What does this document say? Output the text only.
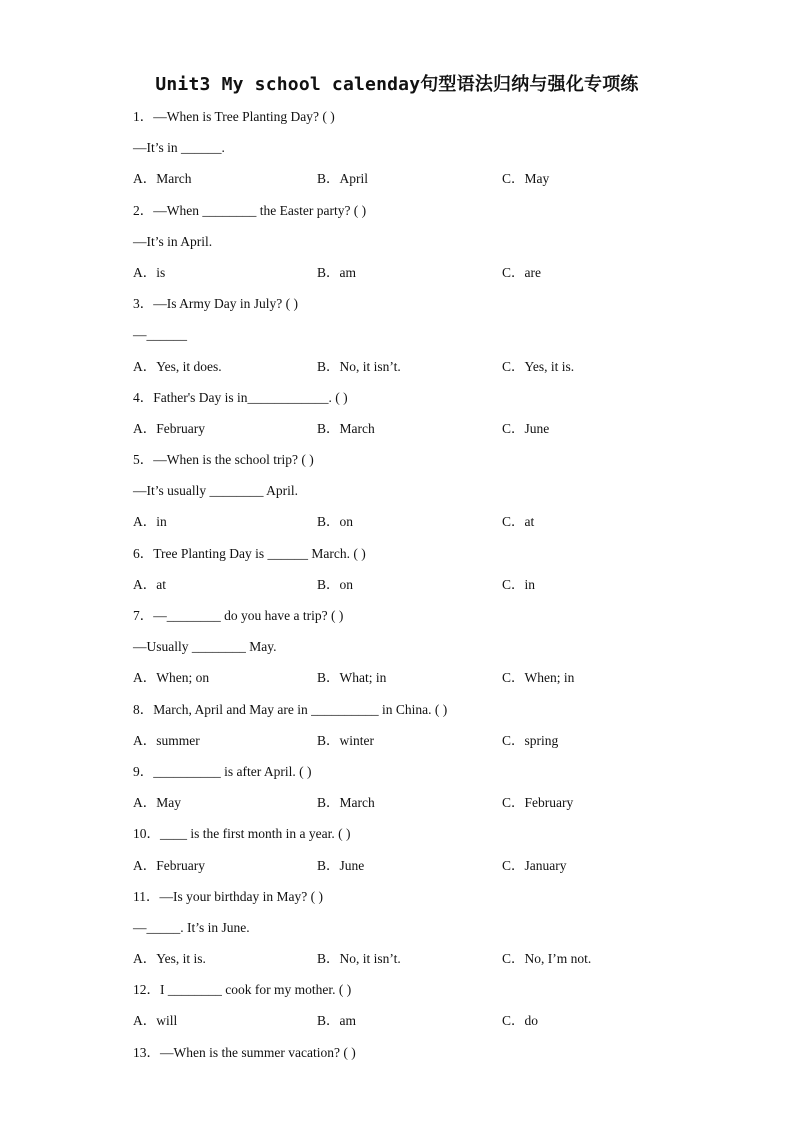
Unit3 My school calenday句型语法归纳与强化专项练
1．—When is Tree Planting Day? ( )
—It’s in ______.
A．March	B．April	C．May
2．—When ________ the Easter party? ( )
—It’s in April.
A．is	B．am	C．are
3．—Is Army Day in July? ( )
—______
A．Yes, it does.	B．No, it isn’t.	C．Yes, it is.
4．Father's Day is in____________. ( )
A．February	B．March	C．June
5．—When is the school trip? ( )
—It’s usually ________ April.
A．in	B．on	C．at
6．Tree Planting Day is ______ March. ( )
A．at	B．on	C．in
7．—________ do you have a trip? ( )
—Usually ________ May.
A．When; on	B．What; in	C．When; in
8．March, April and May are in __________ in China. ( )
A．summer	B．winter	C．spring
9．__________ is after April. ( )
A．May	B．March	C．February
10．____ is the first month in a year. ( )
A．February	B．June	C．January
11．—Is your birthday in May? ( )
—_____. It’s in June.
A．Yes, it is.	B．No, it isn’t.	C．No, I’m not.
12．I ________ cook for my mother. ( )
A．will	B．am	C．do
13．—When is the summer vacation? ( )
